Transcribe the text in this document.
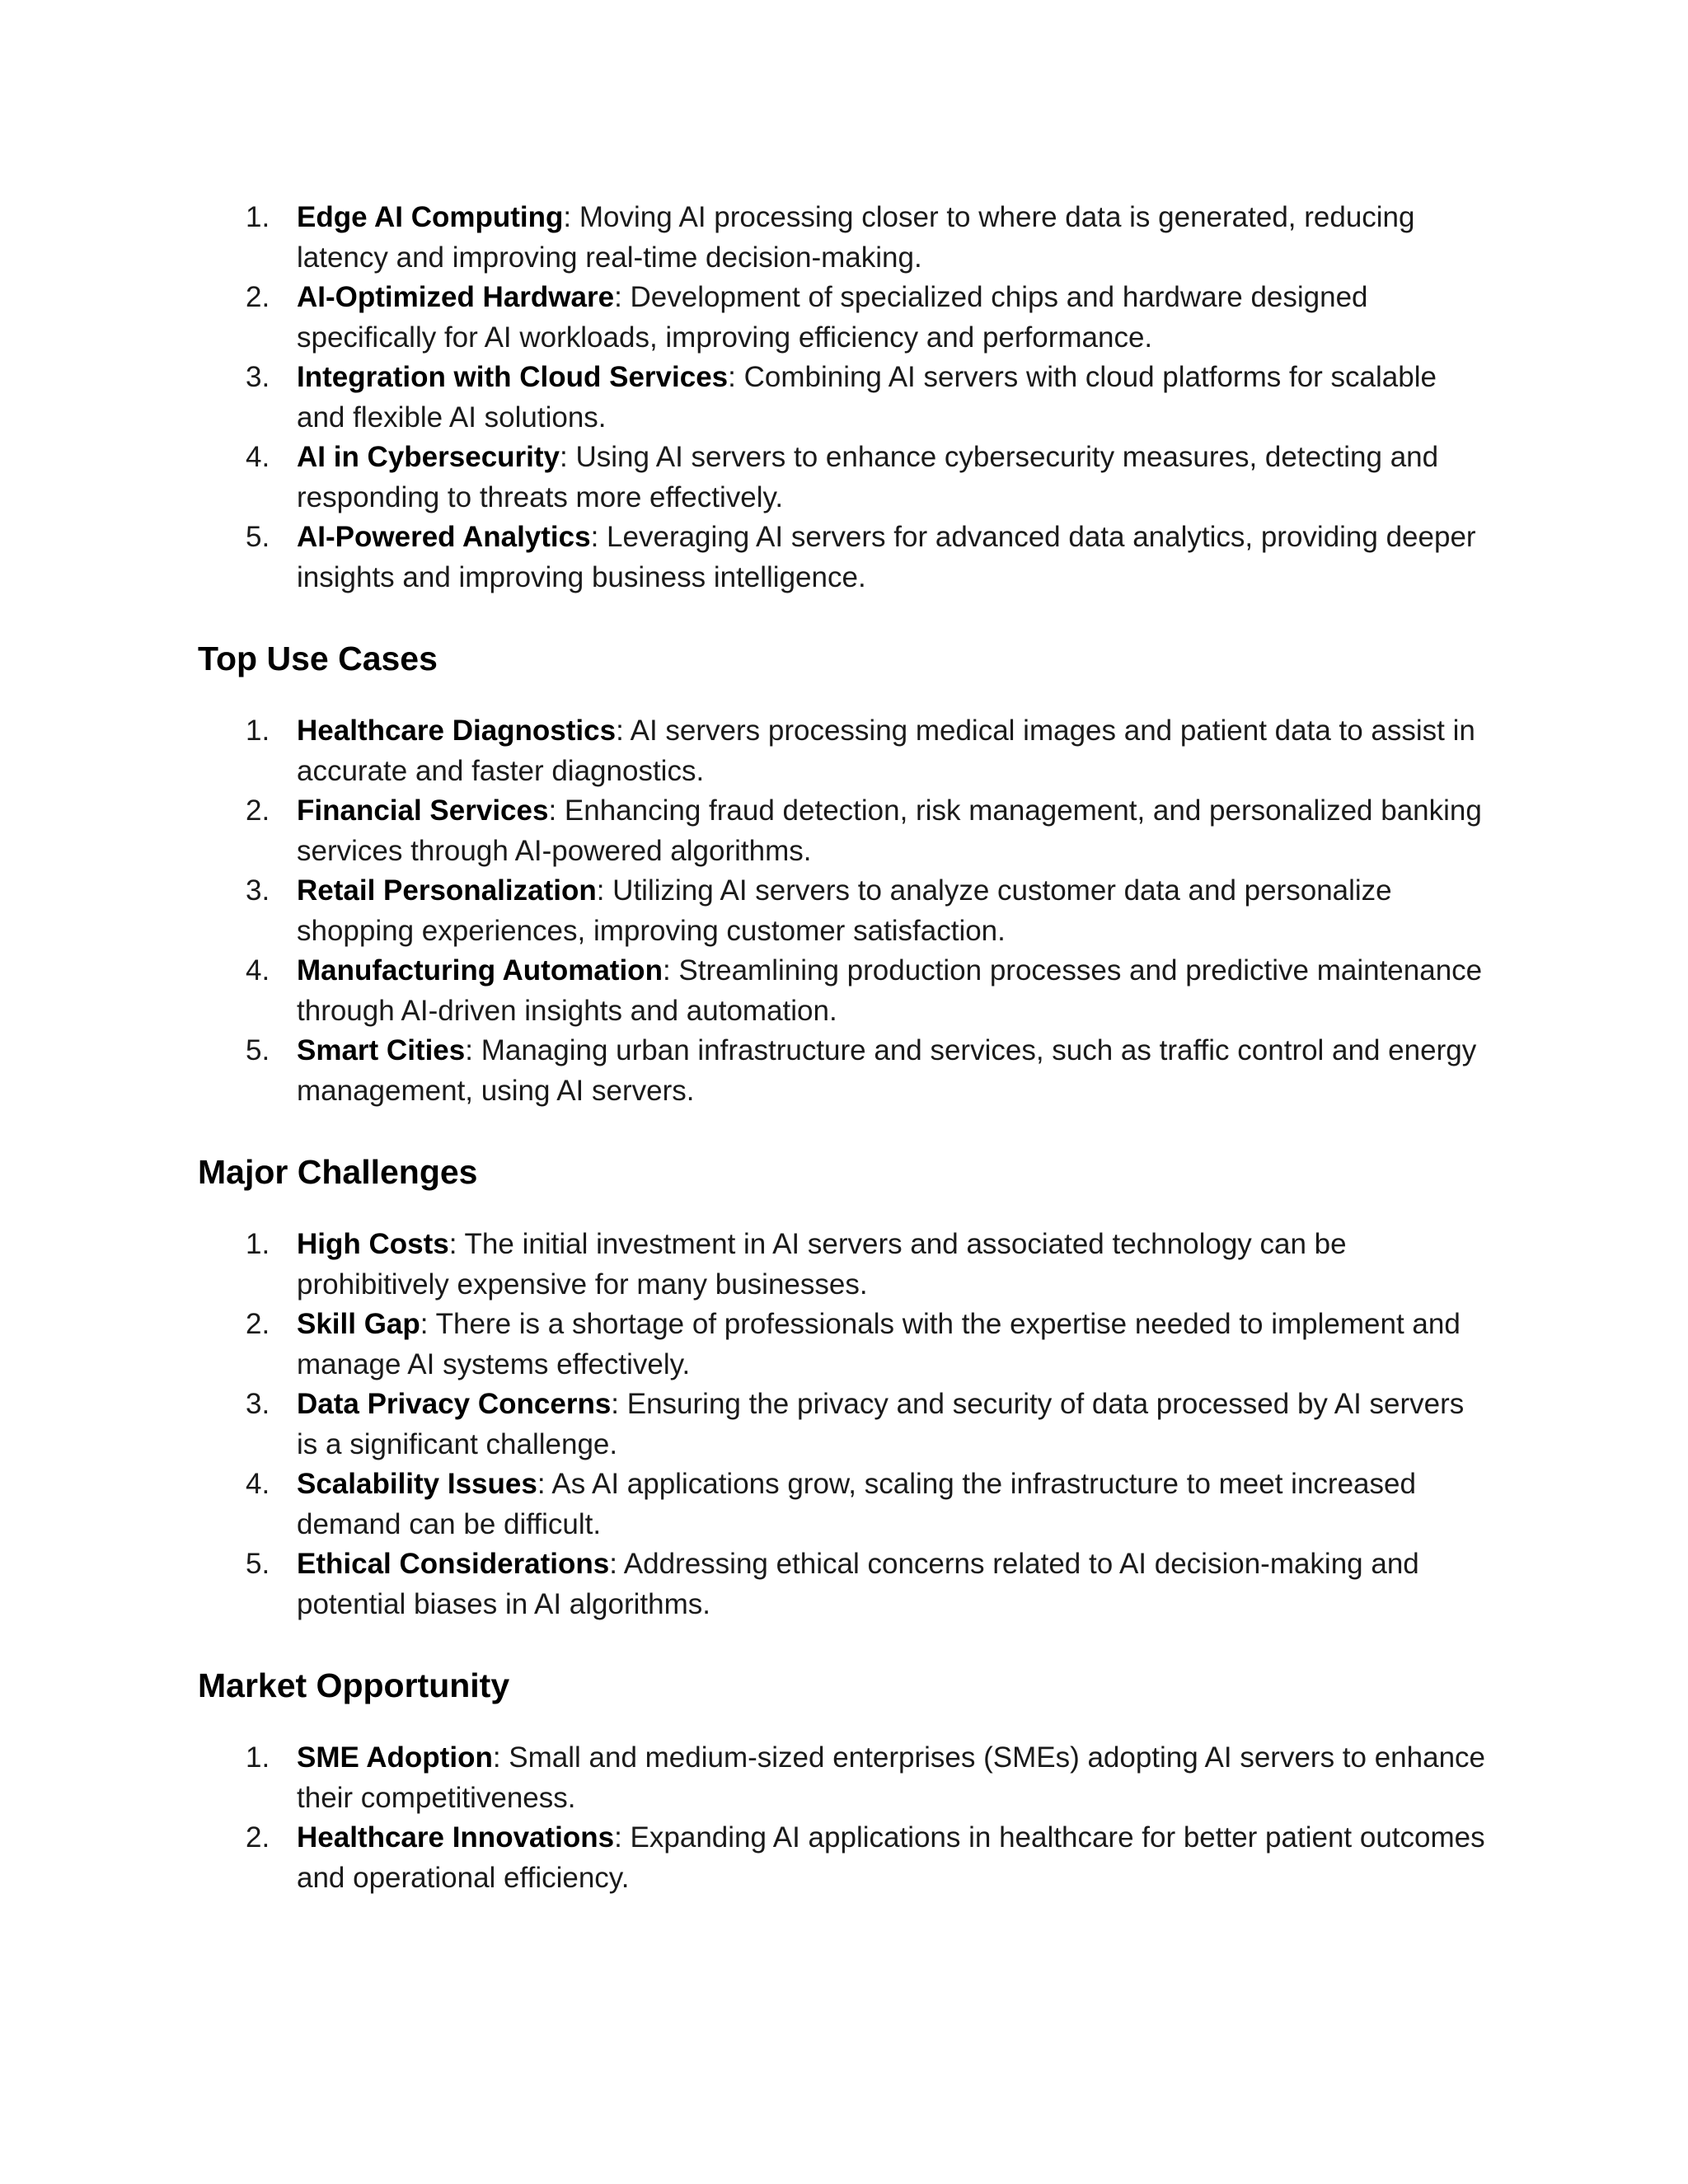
1. Edge AI Computing: Moving AI processing closer to where data is generated, reducing latency and improving real-time decision-making.
2. AI-Optimized Hardware: Development of specialized chips and hardware designed specifically for AI workloads, improving efficiency and performance.
3. Integration with Cloud Services: Combining AI servers with cloud platforms for scalable and flexible AI solutions.
4. AI in Cybersecurity: Using AI servers to enhance cybersecurity measures, detecting and responding to threats more effectively.
5. AI-Powered Analytics: Leveraging AI servers for advanced data analytics, providing deeper insights and improving business intelligence.
Top Use Cases
1. Healthcare Diagnostics: AI servers processing medical images and patient data to assist in accurate and faster diagnostics.
2. Financial Services: Enhancing fraud detection, risk management, and personalized banking services through AI-powered algorithms.
3. Retail Personalization: Utilizing AI servers to analyze customer data and personalize shopping experiences, improving customer satisfaction.
4. Manufacturing Automation: Streamlining production processes and predictive maintenance through AI-driven insights and automation.
5. Smart Cities: Managing urban infrastructure and services, such as traffic control and energy management, using AI servers.
Major Challenges
1. High Costs: The initial investment in AI servers and associated technology can be prohibitively expensive for many businesses.
2. Skill Gap: There is a shortage of professionals with the expertise needed to implement and manage AI systems effectively.
3. Data Privacy Concerns: Ensuring the privacy and security of data processed by AI servers is a significant challenge.
4. Scalability Issues: As AI applications grow, scaling the infrastructure to meet increased demand can be difficult.
5. Ethical Considerations: Addressing ethical concerns related to AI decision-making and potential biases in AI algorithms.
Market Opportunity
1. SME Adoption: Small and medium-sized enterprises (SMEs) adopting AI servers to enhance their competitiveness.
2. Healthcare Innovations: Expanding AI applications in healthcare for better patient outcomes and operational efficiency.
